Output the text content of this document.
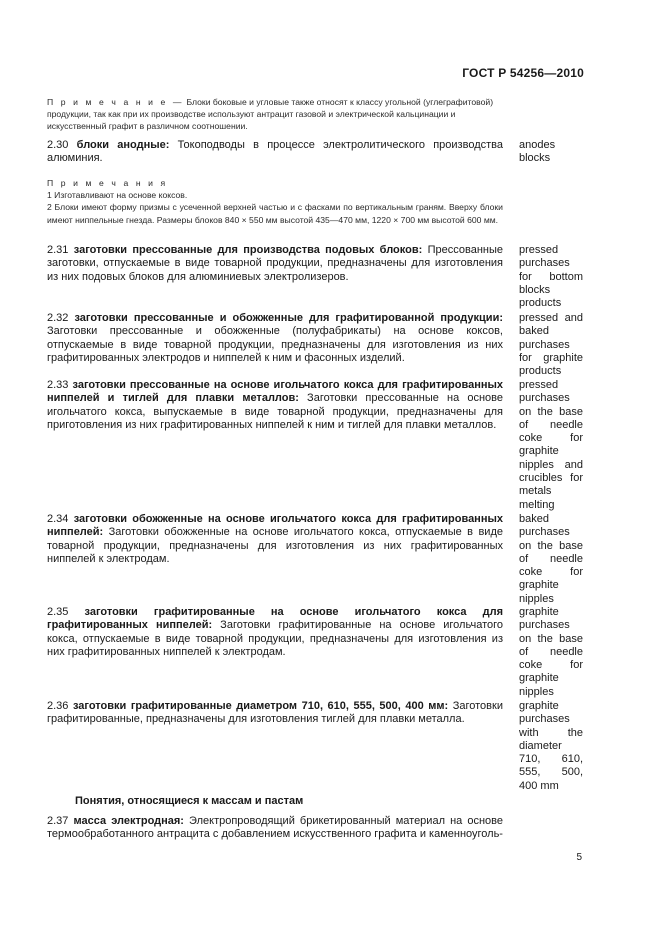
ГОСТ Р 54256—2010
П р и м е ч а н и е — Блоки боковые и угловые также относят к классу угольной (углеграфитовой) продукции, так как при их производстве используют антрацит газовой и электрической кальцинации и искусственный графит в различном соотношении.
2.30 блоки анодные: Токоподводы в процессе электролитического производства алюминия.
anodes blocks
П р и м е ч а н и я
1 Изготавливают на основе коксов.
2 Блоки имеют форму призмы с усеченной верхней частью и с фасками по вертикальным граням. Вверху блоки имеют ниппельные гнезда. Размеры блоков 840 × 550 мм высотой 435—470 мм, 1220 × 700 мм высотой 600 мм.
2.31 заготовки прессованные для производства подовых блоков: Прессованные заготовки, отпускаемые в виде товарной продукции, предназначены для изготовления из них подовых блоков для алюминиевых электролизеров.
pressed purchases for bottom blocks products
2.32 заготовки прессованные и обожженные для графитированной продукции: Заготовки прессованные и обожженные (полуфабрикаты) на основе коксов, отпускаемые в виде товарной продукции, предназначены для изготовления из них графитированных электродов и ниппелей к ним и фасонных изделий.
pressed and baked purchases for graphite products
2.33 заготовки прессованные на основе игольчатого кокса для графитированных ниппелей и тиглей для плавки металлов: Заготовки прессованные на основе игольчатого кокса, выпускаемые в виде товарной продукции, предназначены для приготовления из них графитированных ниппелей к ним и тиглей для плавки металлов.
pressed purchases on the base of needle coke for graphite nipples and crucibles for metals melting
2.34 заготовки обожженные на основе игольчатого кокса для графитированных ниппелей: Заготовки обожженные на основе игольчатого кокса, отпускаемые в виде товарной продукции, предназначены для изготовления из них графитированных ниппелей к электродам.
baked purchases on the base of needle coke for graphite nipples
2.35 заготовки графитированные на основе игольчатого кокса для графитированных ниппелей: Заготовки графитированные на основе игольчатого кокса, отпускаемые в виде товарной продукции, предназначены для изготовления из них графитированных ниппелей к электродам.
graphite purchases on the base of needle coke for graphite nipples
2.36 заготовки графитированные диаметром 710, 610, 555, 500, 400 мм: Заготовки графитированные, предназначены для изготовления тиглей для плавки металла.
graphite purchases with the diameter 710, 610, 555, 500, 400 mm
Понятия, относящиеся к массам и пастам
2.37 масса электродная: Электропроводящий брикетированный материал на основе термообработанного антрацита с добавлением искусственного графита и каменноуголь-
5
